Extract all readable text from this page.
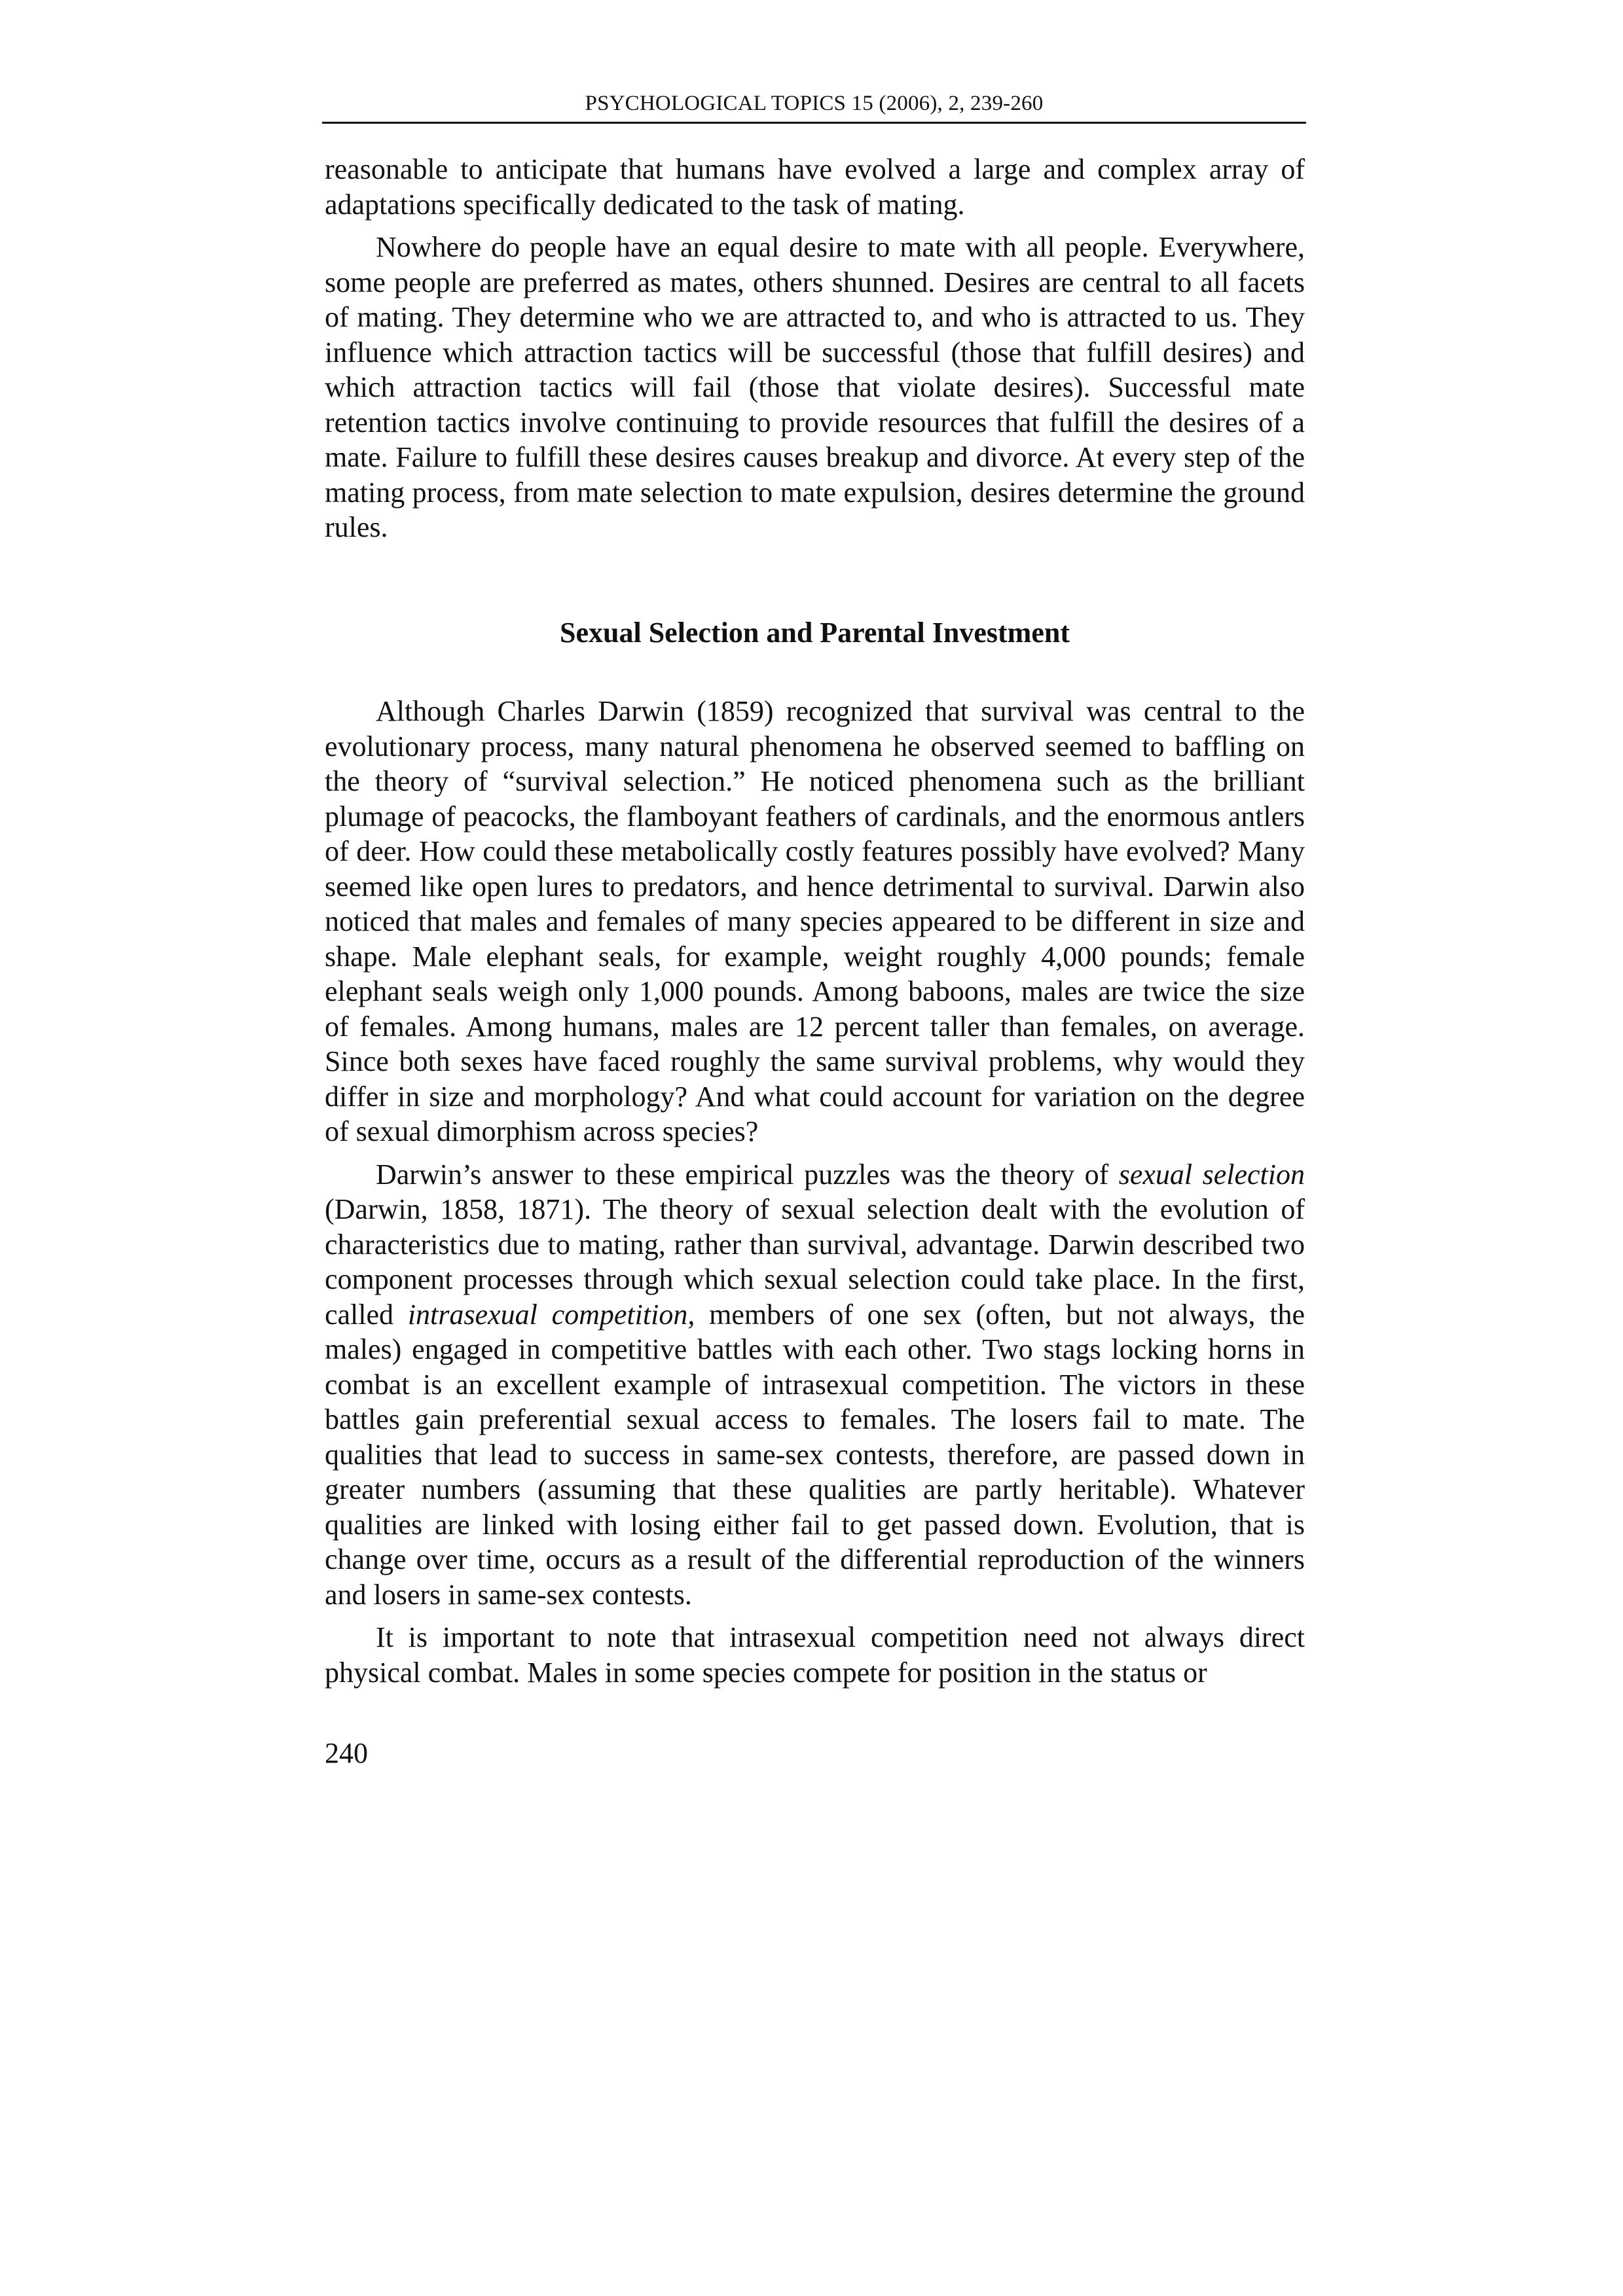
PSYCHOLOGICAL TOPICS 15 (2006), 2, 239-260

reasonable to anticipate that humans have evolved a large and complex array of adaptations specifically dedicated to the task of mating.

Nowhere do people have an equal desire to mate with all people. Everywhere, some people are preferred as mates, others shunned. Desires are central to all facets of mating. They determine who we are attracted to, and who is attracted to us. They influence which attraction tactics will be successful (those that fulfill desires) and which attraction tactics will fail (those that violate desires). Successful mate retention tactics involve continuing to provide resources that fulfill the desires of a mate. Failure to fulfill these desires causes breakup and divorce. At every step of the mating process, from mate selection to mate expulsion, desires determine the ground rules.

Sexual Selection and Parental Investment

Although Charles Darwin (1859) recognized that survival was central to the evolutionary process, many natural phenomena he observed seemed to baffling on the theory of “survival selection.” He noticed phenomena such as the brilliant plumage of peacocks, the flamboyant feathers of cardinals, and the enormous antlers of deer. How could these metabolically costly features possibly have evolved? Many seemed like open lures to predators, and hence detrimental to survival. Darwin also noticed that males and females of many species appeared to be different in size and shape. Male elephant seals, for example, weight roughly 4,000 pounds; female elephant seals weigh only 1,000 pounds. Among baboons, males are twice the size of females. Among humans, males are 12 percent taller than females, on average. Since both sexes have faced roughly the same survival problems, why would they differ in size and morphology? And what could account for variation on the degree of sexual dimorphism across species?

Darwin’s answer to these empirical puzzles was the theory of sexual selection (Darwin, 1858, 1871). The theory of sexual selection dealt with the evolution of characteristics due to mating, rather than survival, advantage. Darwin described two component processes through which sexual selection could take place. In the first, called intrasexual competition, members of one sex (often, but not always, the males) engaged in competitive battles with each other. Two stags locking horns in combat is an excellent example of intrasexual competition. The victors in these battles gain preferential sexual access to females. The losers fail to mate. The qualities that lead to success in same-sex contests, therefore, are passed down in greater numbers (assuming that these qualities are partly heritable). Whatever qualities are linked with losing either fail to get passed down. Evolution, that is change over time, occurs as a result of the differential reproduction of the winners and losers in same-sex contests.

It is important to note that intrasexual competition need not always direct physical combat. Males in some species compete for position in the status or

240
